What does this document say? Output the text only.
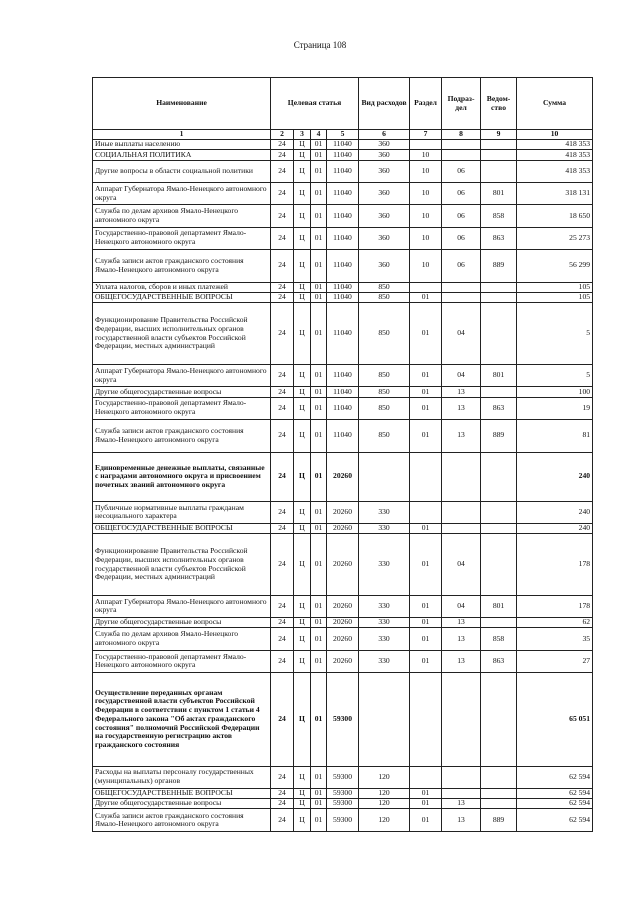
Страница 108
Наименование	Целевая статья				Вид расходов	Раздел	Подраз-дел	Ведом-ство	Сумма
1	2	3	4	5	6	7	8	9	10
Иные выплаты населению	24	Ц	01	11040	360				418 353
СОЦИАЛЬНАЯ ПОЛИТИКА	24	Ц	01	11040	360	10			418 353
Другие вопросы в области социальной политики	24	Ц	01	11040	360	10	06		418 353
Аппарат Губернатора Ямало-Ненецкого автономного округа	24	Ц	01	11040	360	10	06	801	318 131
Служба по делам архивов Ямало-Ненецкого автономного округа	24	Ц	01	11040	360	10	06	858	18 650
Государственно-правовой департамент Ямало-Ненецкого автономного округа	24	Ц	01	11040	360	10	06	863	25 273
Служба записи актов гражданского состояния Ямало-Ненецкого автономного округа	24	Ц	01	11040	360	10	06	889	56 299
Уплата налогов, сборов и иных платежей	24	Ц	01	11040	850				105
ОБЩЕГОСУДАРСТВЕННЫЕ ВОПРОСЫ	24	Ц	01	11040	850	01			105
Функционирование Правительства Российской Федерации, высших исполнительных органов государственной власти субъектов Российской Федерации, местных администраций	24	Ц	01	11040	850	01	04		5
Аппарат Губернатора Ямало-Ненецкого автономного округа	24	Ц	01	11040	850	01	04	801	5
Другие общегосударственные вопросы	24	Ц	01	11040	850	01	13		100
Государственно-правовой департамент Ямало-Ненецкого автономного округа	24	Ц	01	11040	850	01	13	863	19
Служба записи актов гражданского состояния Ямало-Ненецкого автономного округа	24	Ц	01	11040	850	01	13	889	81
Единовременные денежные выплаты, связанные с наградами автономного округа и присвоением почетных званий автономного округа	24	Ц	01	20260					240
Публичные нормативные выплаты гражданам несоциального характера	24	Ц	01	20260	330				240
ОБЩЕГОСУДАРСТВЕННЫЕ ВОПРОСЫ	24	Ц	01	20260	330	01			240
Функционирование Правительства Российской Федерации, высших исполнительных органов государственной власти субъектов Российской Федерации, местных администраций	24	Ц	01	20260	330	01	04		178
Аппарат Губернатора Ямало-Ненецкого автономного округа	24	Ц	01	20260	330	01	04	801	178
Другие общегосударственные вопросы	24	Ц	01	20260	330	01	13		62
Служба по делам архивов Ямало-Ненецкого автономного округа	24	Ц	01	20260	330	01	13	858	35
Государственно-правовой департамент Ямало-Ненецкого автономного округа	24	Ц	01	20260	330	01	13	863	27
Осуществление переданных органам государственной власти субъектов Российской Федерации в соответствии с пунктом 1 статьи 4 Федерального закона "Об актах гражданского состояния" полномочий Российской Федерации на государственную регистрацию актов гражданского состояния	24	Ц	01	59300					65 051
Расходы на выплаты персоналу государственных (муниципальных) органов	24	Ц	01	59300	120				62 594
ОБЩЕГОСУДАРСТВЕННЫЕ ВОПРОСЫ	24	Ц	01	59300	120	01			62 594
Другие общегосударственные вопросы	24	Ц	01	59300	120	01	13		62 594
Служба записи актов гражданского состояния Ямало-Ненецкого автономного округа	24	Ц	01	59300	120	01	13	889	62 594
